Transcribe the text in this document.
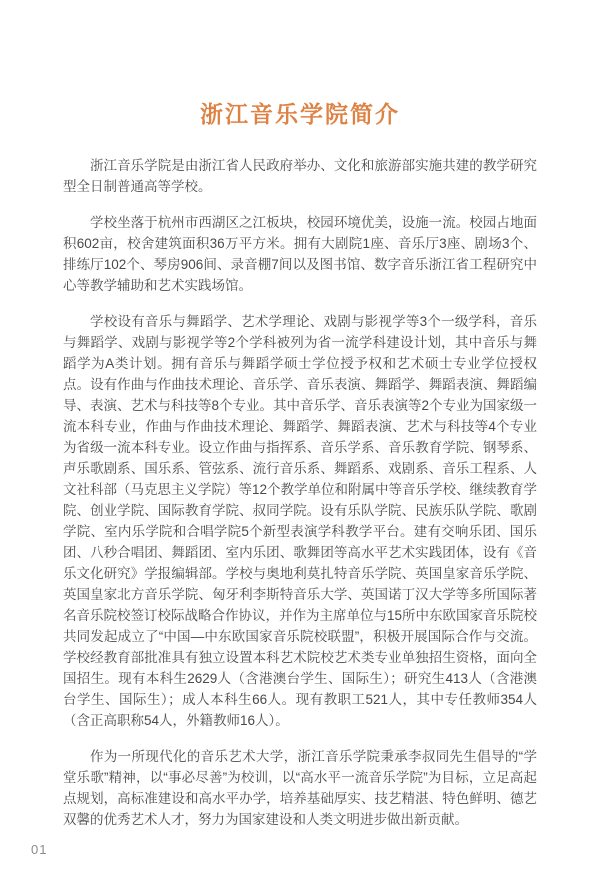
浙江音乐学院简介

浙江音乐学院是由浙江省人民政府举办、文化和旅游部实施共建的教学研究型全日制普通高等学校。

学校坐落于杭州市西湖区之江板块，校园环境优美，设施一流。校园占地面积602亩，校舍建筑面积36万平方米。拥有大剧院1座、音乐厅3座、剧场3个、排练厅102个、琴房906间、录音棚7间以及图书馆、数字音乐浙江省工程研究中心等教学辅助和艺术实践场馆。

学校设有音乐与舞蹈学、艺术学理论、戏剧与影视学等3个一级学科，音乐与舞蹈学、戏剧与影视学等2个学科被列为省一流学科建设计划，其中音乐与舞蹈学为A类计划。拥有音乐与舞蹈学硕士学位授予权和艺术硕士专业学位授权点。设有作曲与作曲技术理论、音乐学、音乐表演、舞蹈学、舞蹈表演、舞蹈编导、表演、艺术与科技等8个专业。其中音乐学、音乐表演等2个专业为国家级一流本科专业，作曲与作曲技术理论、舞蹈学、舞蹈表演、艺术与科技等4个专业为省级一流本科专业。设立作曲与指挥系、音乐学系、音乐教育学院、钢琴系、声乐歌剧系、国乐系、管弦系、流行音乐系、舞蹈系、戏剧系、音乐工程系、人文社科部（马克思主义学院）等12个教学单位和附属中等音乐学校、继续教育学院、创业学院、国际教育学院、叔同学院。设有乐队学院、民族乐队学院、歌剧学院、室内乐学院和合唱学院5个新型表演学科教学平台。建有交响乐团、国乐团、八秒合唱团、舞蹈团、室内乐团、歌舞团等高水平艺术实践团体，设有《音乐文化研究》学报编辑部。学校与奥地利莫扎特音乐学院、英国皇家音乐学院、英国皇家北方音乐学院、匈牙利李斯特音乐大学、英国诺丁汉大学等多所国际著名音乐院校签订校际战略合作协议，并作为主席单位与15所中东欧国家音乐院校共同发起成立了“中国—中东欧国家音乐院校联盟”，积极开展国际合作与交流。学校经教育部批准具有独立设置本科艺术院校艺术类专业单独招生资格，面向全国招生。现有本科生2629人（含港澳台学生、国际生）；研究生413人（含港澳台学生、国际生）；成人本科生66人。现有教职工521人，其中专任教师354人（含正高职称54人，外籍教师16人）。

作为一所现代化的音乐艺术大学，浙江音乐学院秉承李叔同先生倡导的“学堂乐歌”精神，以“事必尽善”为校训，以“高水平一流音乐学院”为目标，立足高起点规划，高标准建设和高水平办学，培养基础厚实、技艺精湛、特色鲜明、德艺双馨的优秀艺术人才，努力为国家建设和人类文明进步做出新贡献。

01
